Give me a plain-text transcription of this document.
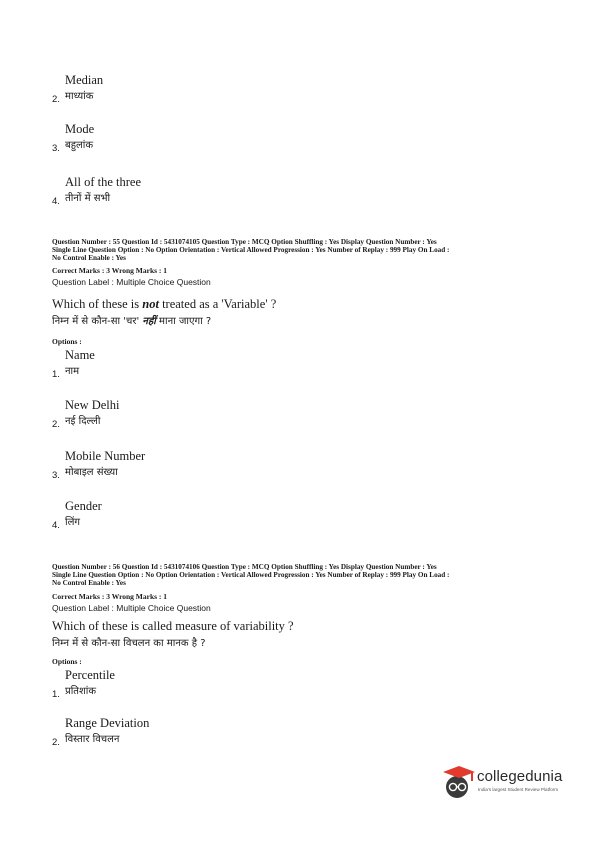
Median
माध्यांक
2.
Mode
बहुलांक
3.
All of the three
तीनों में सभी
4.
Question Number : 55 Question Id : 5431074105 Question Type : MCQ Option Shuffling : Yes Display Question Number : Yes
Single Line Question Option : No Option Orientation : Vertical Allowed Progression : Yes Number of Replay : 999 Play On Load :
No Control Enable : Yes
Correct Marks : 3 Wrong Marks : 1
Question Label : Multiple Choice Question
Which of these is not treated as a 'Variable' ?
निम्न में से कौन-सा 'चर' नहीं माना जाएगा ?
Options :
Name
नाम
1.
New Delhi
नई दिल्ली
2.
Mobile Number
मोबाइल संख्या
3.
Gender
लिंग
4.
Question Number : 56 Question Id : 5431074106 Question Type : MCQ Option Shuffling : Yes Display Question Number : Yes
Single Line Question Option : No Option Orientation : Vertical Allowed Progression : Yes Number of Replay : 999 Play On Load :
No Control Enable : Yes
Correct Marks : 3 Wrong Marks : 1
Question Label : Multiple Choice Question
Which of these is called measure of variability ?
निम्न में से कौन-सा विचलन का मानक है ?
Options :
Percentile
प्रतिशांक
1.
Range Deviation
विस्तार विचलन
2.
collegedunia
India's largest Student Review Platform
